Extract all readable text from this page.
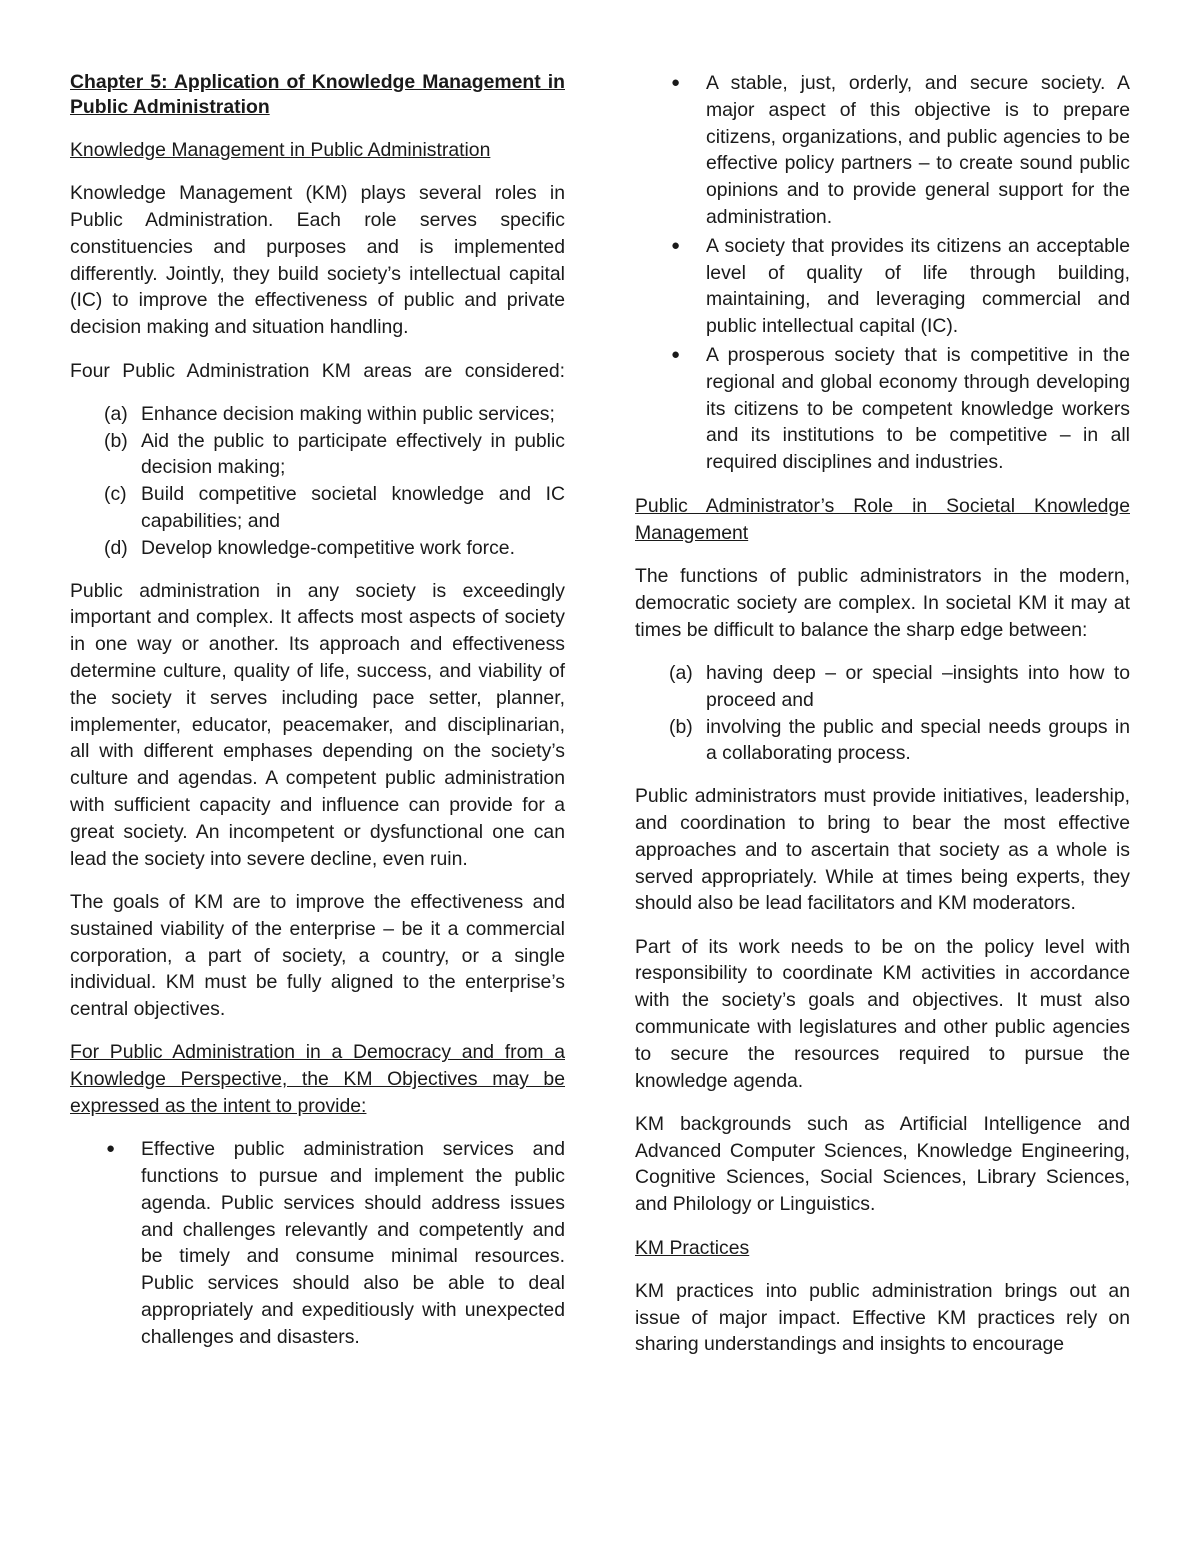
Chapter 5: Application of Knowledge Management in Public Administration

Knowledge Management in Public Administration

Knowledge Management (KM) plays several roles in Public Administration. Each role serves specific constituencies and purposes and is implemented differently. Jointly, they build society’s intellectual capital (IC) to improve the effectiveness of public and private decision making and situation handling.

Four Public Administration KM areas are considered:

(a) Enhance decision making within public services;
(b) Aid the public to participate effectively in public decision making;
(c) Build competitive societal knowledge and IC capabilities; and
(d) Develop knowledge-competitive work force.

Public administration in any society is exceedingly important and complex. It affects most aspects of society in one way or another. Its approach and effectiveness determine culture, quality of life, success, and viability of the society it serves including pace setter, planner, implementer, educator, peacemaker, and disciplinarian, all with different emphases depending on the society’s culture and agendas. A competent public administration with sufficient capacity and influence can provide for a great society. An incompetent or dysfunctional one can lead the society into severe decline, even ruin.

The goals of KM are to improve the effectiveness and sustained viability of the enterprise – be it a commercial corporation, a part of society, a country, or a single individual. KM must be fully aligned to the enterprise’s central objectives.

For Public Administration in a Democracy and from a Knowledge Perspective, the KM Objectives may be expressed as the intent to provide:

● Effective public administration services and functions to pursue and implement the public agenda. Public services should address issues and challenges relevantly and competently and be timely and consume minimal resources. Public services should also be able to deal appropriately and expeditiously with unexpected challenges and disasters.
● A stable, just, orderly, and secure society. A major aspect of this objective is to prepare citizens, organizations, and public agencies to be effective policy partners – to create sound public opinions and to provide general support for the administration.
● A society that provides its citizens an acceptable level of quality of life through building, maintaining, and leveraging commercial and public intellectual capital (IC).
● A prosperous society that is competitive in the regional and global economy through developing its citizens to be competent knowledge workers and its institutions to be competitive – in all required disciplines and industries.

Public Administrator’s Role in Societal Knowledge Management

The functions of public administrators in the modern, democratic society are complex. In societal KM it may at times be difficult to balance the sharp edge between:

(a) having deep – or special –insights into how to proceed and
(b) involving the public and special needs groups in a collaborating process.

Public administrators must provide initiatives, leadership, and coordination to bring to bear the most effective approaches and to ascertain that society as a whole is served appropriately. While at times being experts, they should also be lead facilitators and KM moderators.

Part of its work needs to be on the policy level with responsibility to coordinate KM activities in accordance with the society’s goals and objectives. It must also communicate with legislatures and other public agencies to secure the resources required to pursue the knowledge agenda.

KM backgrounds such as Artificial Intelligence and Advanced Computer Sciences, Knowledge Engineering, Cognitive Sciences, Social Sciences, Library Sciences, and Philology or Linguistics.

KM Practices

KM practices into public administration brings out an issue of major impact. Effective KM practices rely on sharing understandings and insights to encourage
